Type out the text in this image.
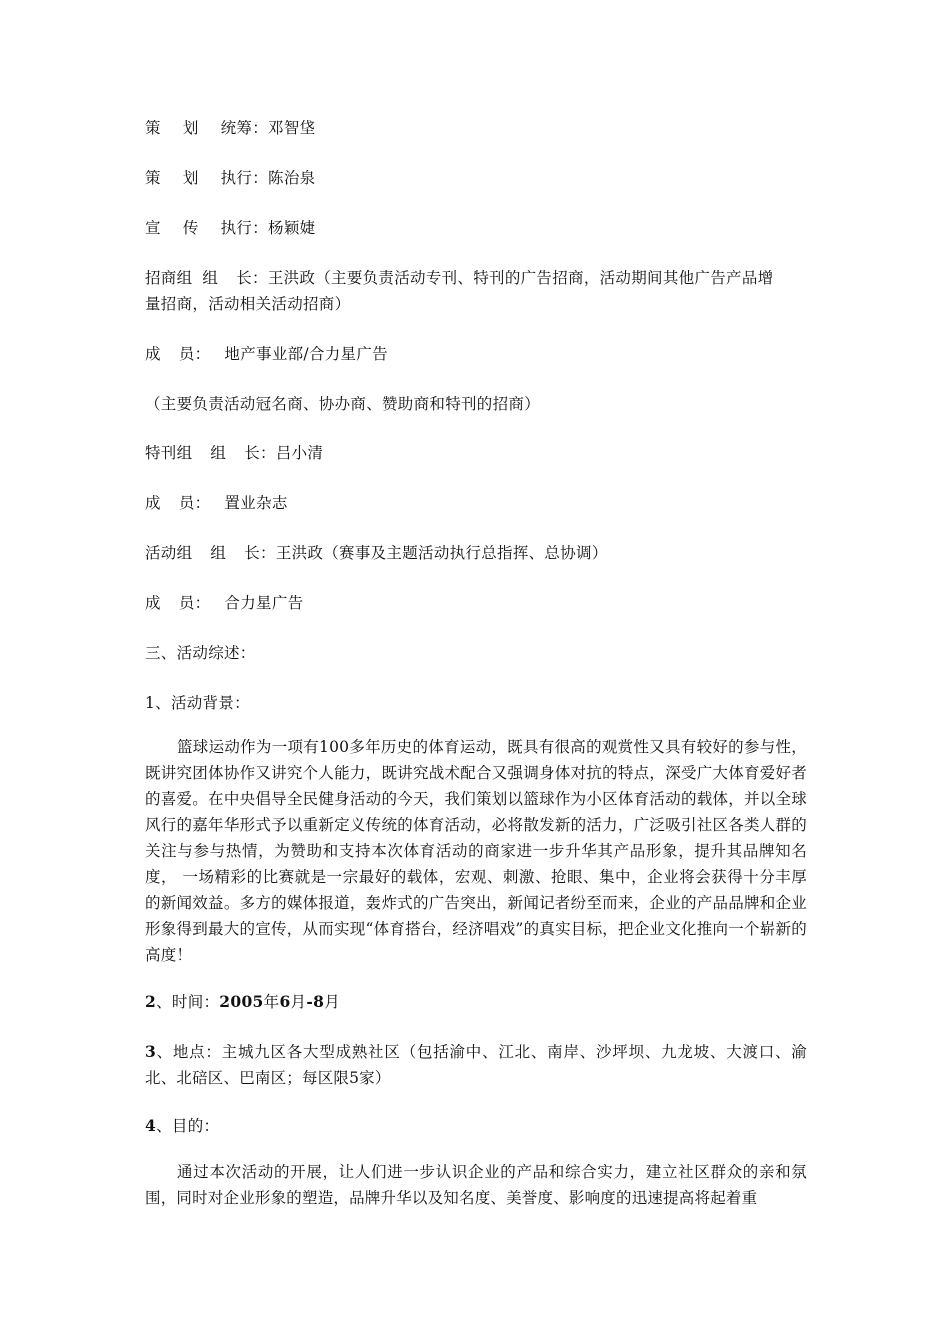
策 划 统筹：邓智垡
策 划 执行：陈治泉
宣 传 执行：杨颖婕
招商组 组 长：王洪政（主要负责活动专刊、特刊的广告招商，活动期间其他广告产品增
量招商，活动相关活动招商）
成 员： 地产事业部/合力星广告
（主要负责活动冠名商、协办商、赞助商和特刊的招商）
特刊组 组 长：吕小清
成 员： 置业杂志
活动组 组 长：王洪政（赛事及主题活动执行总指挥、总协调）
成 员： 合力星广告
三、活动综述：
1、活动背景：

篮球运动作为一项有100多年历史的体育运动，既具有很高的观赏性又具有较好的参与性，既讲究团体协作又讲究个人能力，既讲究战术配合又强调身体对抗的特点，深受广大体育爱好者的喜爱。在中央倡导全民健身活动的今天，我们策划以篮球作为小区体育活动的载体，并以全球风行的嘉年华形式予以重新定义传统的体育活动，必将散发新的活力，广泛吸引社区各类人群的关注与参与热情，为赞助和支持本次体育活动的商家进一步升华其产品形象，提升其品牌知名度， 一场精彩的比赛就是一宗最好的载体，宏观、刺激、抢眼、集中，企业将会获得十分丰厚的新闻效益。多方的媒体报道，轰炸式的广告突出，新闻记者纷至而来，企业的产品品牌和企业形象得到最大的宣传，从而实现“体育搭台，经济唱戏”的真实目标，把企业文化推向一个崭新的高度！

2、时间：2005年6月-8月

3、地点：主城九区各大型成熟社区（包括渝中、江北、南岸、沙坪坝、九龙坡、大渡口、渝北、北碚区、巴南区；每区限5家）

4、目的：

通过本次活动的开展，让人们进一步认识企业的产品和综合实力，建立社区群众的亲和氛围，同时对企业形象的塑造，品牌升华以及知名度、美誉度、影响度的迅速提高将起着重
